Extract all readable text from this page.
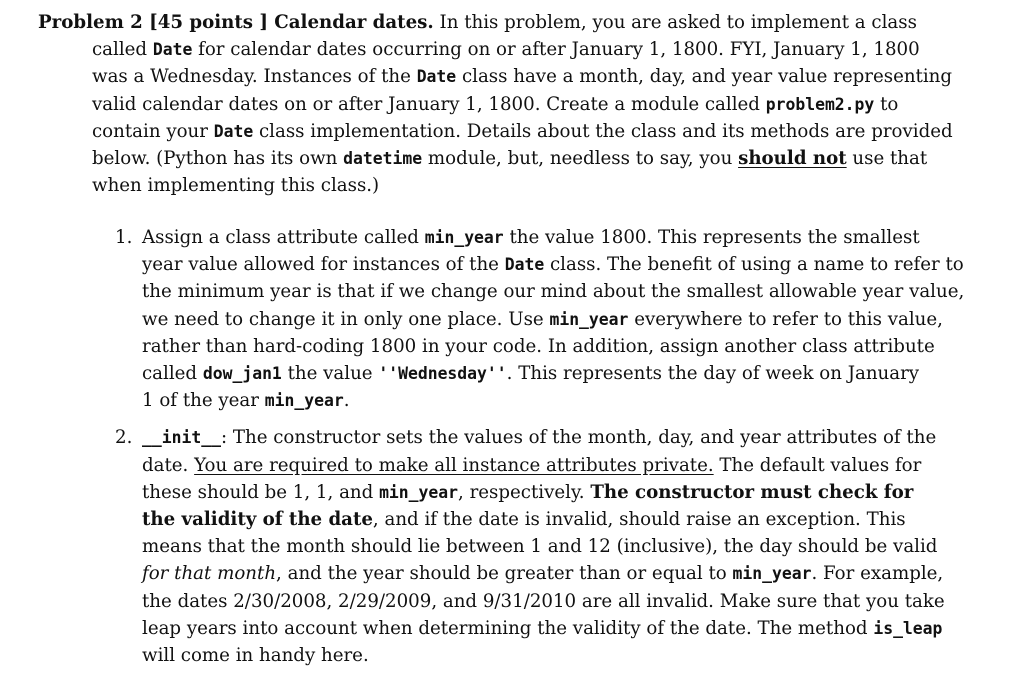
Problem 2 [45 points ] Calendar dates. In this problem, you are asked to implement a class
called Date for calendar dates occurring on or after January 1, 1800. FYI, January 1, 1800
was a Wednesday. Instances of the Date class have a month, day, and year value representing
valid calendar dates on or after January 1, 1800. Create a module called problem2.py to
contain your Date class implementation. Details about the class and its methods are provided
below. (Python has its own datetime module, but, needless to say, you should not use that
when implementing this class.)
1. Assign a class attribute called min_year the value 1800. This represents the smallest
year value allowed for instances of the Date class. The benefit of using a name to refer to
the minimum year is that if we change our mind about the smallest allowable year value,
we need to change it in only one place. Use min_year everywhere to refer to this value,
rather than hard-coding 1800 in your code. In addition, assign another class attribute
called dow_jan1 the value ''Wednesday''. This represents the day of week on January
1 of the year min_year.
2. __init__: The constructor sets the values of the month, day, and year attributes of the
date. You are required to make all instance attributes private. The default values for
these should be 1, 1, and min_year, respectively. The constructor must check for
the validity of the date, and if the date is invalid, should raise an exception. This
means that the month should lie between 1 and 12 (inclusive), the day should be valid
for that month, and the year should be greater than or equal to min_year. For example,
the dates 2/30/2008, 2/29/2009, and 9/31/2010 are all invalid. Make sure that you take
leap years into account when determining the validity of the date. The method is_leap
will come in handy here.
